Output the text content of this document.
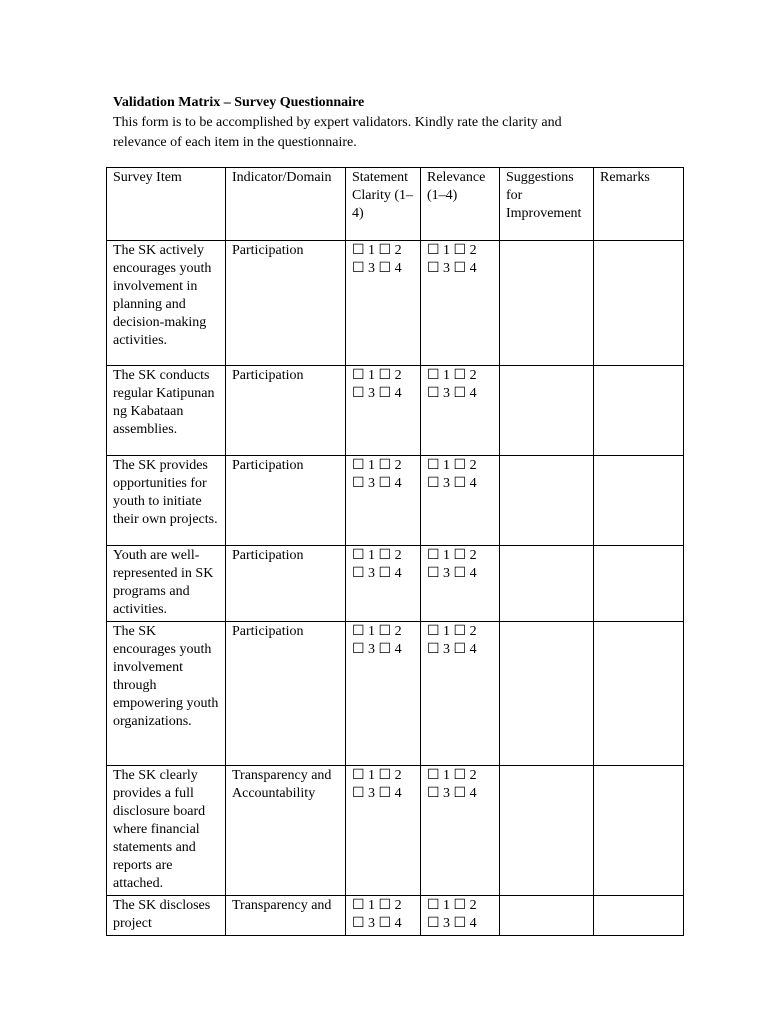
Validation Matrix – Survey Questionnaire
This form is to be accomplished by expert validators. Kindly rate the clarity and
relevance of each item in the questionnaire.
Survey Item	Indicator/Domain	Statement Clarity (1–4)	Relevance (1–4)	Suggestions for Improvement	Remarks
The SK actively encourages youth involvement in planning and decision-making activities.	Participation	☐ 1 ☐ 2
☐ 3 ☐ 4	☐ 1 ☐ 2
☐ 3 ☐ 4		

The SK conducts regular Katipunan ng Kabataan assemblies.	Participation	☐ 1 ☐ 2
☐ 3 ☐ 4	☐ 1 ☐ 2
☐ 3 ☐ 4		

The SK provides opportunities for youth to initiate their own projects.	Participation	☐ 1 ☐ 2
☐ 3 ☐ 4	☐ 1 ☐ 2
☐ 3 ☐ 4		

Youth are well-represented in SK programs and activities.	Participation	☐ 1 ☐ 2
☐ 3 ☐ 4	☐ 1 ☐ 2
☐ 3 ☐ 4		

The SK encourages youth involvement through empowering youth organizations.	Participation	☐ 1 ☐ 2
☐ 3 ☐ 4	☐ 1 ☐ 2
☐ 3 ☐ 4		

The SK clearly provides a full disclosure board where financial statements and reports are attached.	Transparency and Accountability	☐ 1 ☐ 2
☐ 3 ☐ 4	☐ 1 ☐ 2
☐ 3 ☐ 4		

The SK discloses project	Transparency and	☐ 1 ☐ 2
☐ 3 ☐ 4	☐ 1 ☐ 2
☐ 3 ☐ 4		
